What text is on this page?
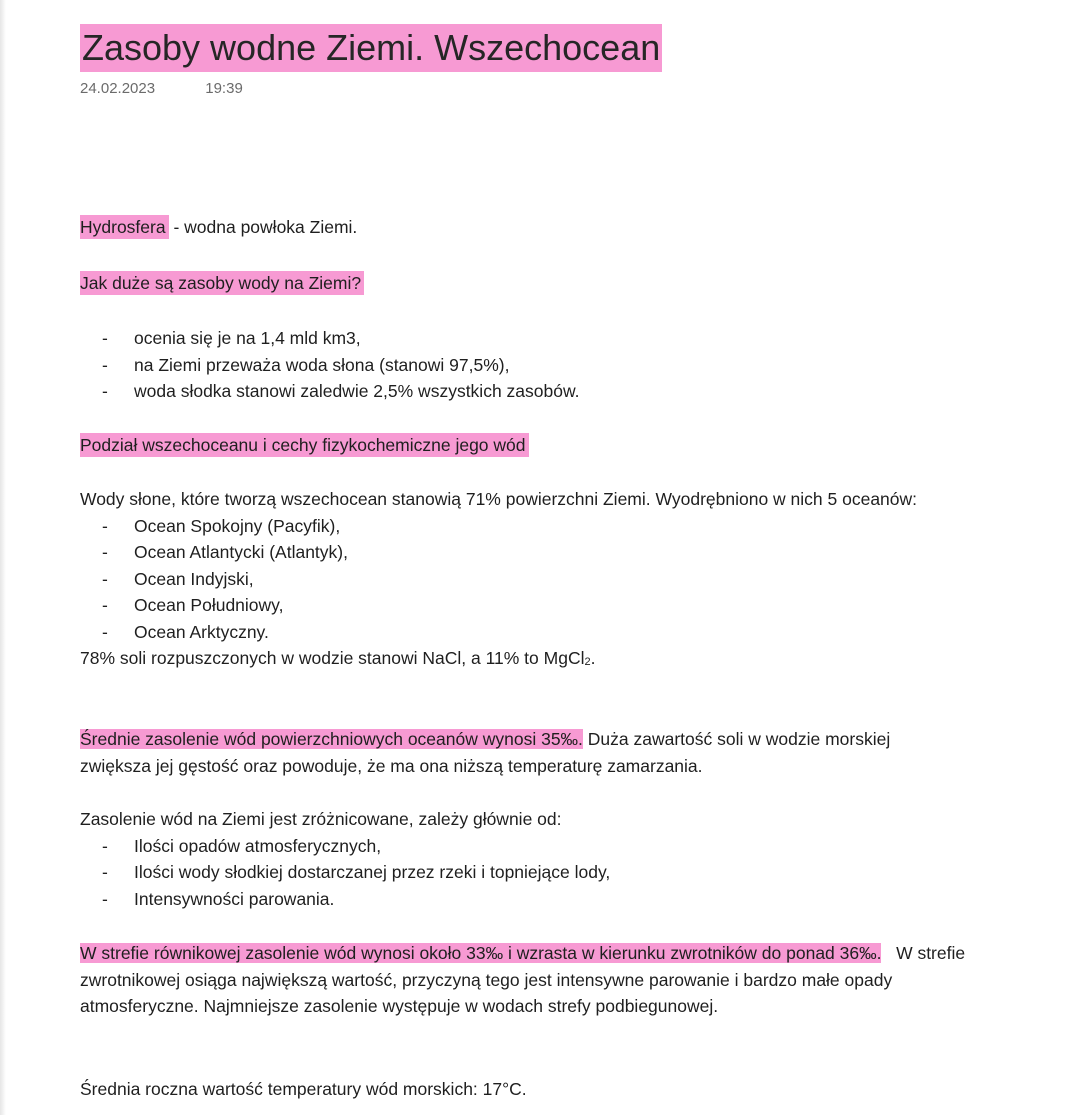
Zasoby wodne Ziemi. Wszechocean
24.02.2023	19:39
Hydrosfera - wodna powłoka Ziemi.
Jak duże są zasoby wody na Ziemi?
- ocenia się je na 1,4 mld km3,
- na Ziemi przeważa woda słona (stanowi 97,5%),
- woda słodka stanowi zaledwie 2,5% wszystkich zasobów.
Podział wszechoceanu i cechy fizykochemiczne jego wód
Wody słone, które tworzą wszechocean stanowią 71% powierzchni Ziemi. Wyodrębniono w nich 5 oceanów:
- Ocean Spokojny (Pacyfik),
- Ocean Atlantycki (Atlantyk),
- Ocean Indyjski,
- Ocean Południowy,
- Ocean Arktyczny.
78% soli rozpuszczonych w wodzie stanowi NaCl, a 11% to MgCl$_2$.
Średnie zasolenie wód powierzchniowych oceanów wynosi 35‰. Duża zawartość soli w wodzie morskiej zwiększa jej gęstość oraz powoduje, że ma ona niższą temperaturę zamarzania.
Zasolenie wód na Ziemi jest zróżnicowane, zależy głównie od:
- Ilości opadów atmosferycznych,
- Ilości wody słodkiej dostarczanej przez rzeki i topniejące lody,
- Intensywności parowania.
W strefie równikowej zasolenie wód wynosi około 33‰ i wzrasta w kierunku zwrotników do ponad 36‰.   W strefie zwrotnikowej osiąga największą wartość, przyczyną tego jest intensywne parowanie i bardzo małe opady atmosferyczne. Najmniejsze zasolenie występuje w wodach strefy podbiegunowej.
Średnia roczna wartość temperatury wód morskich: 17°C.
